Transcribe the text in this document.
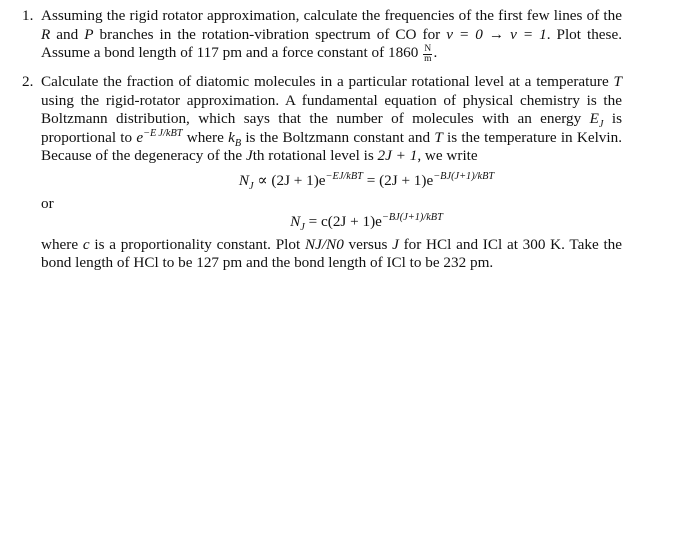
1. Assuming the rigid rotator approximation, calculate the frequencies of the first few lines of the R and P branches in the rotation-vibration spectrum of CO for v = 0 → v = 1. Plot these. Assume a bond length of 117 pm and a force constant of $1860 \frac{N}{m}$ .
2. Calculate the fraction of diatomic molecules in a particular rotational level at a temperature T using the rigid-rotator approximation. A fundamental equation of physical chemistry is the Boltzmann distribution, which says that the number of molecules with an energy $E_J$ is proportional to $e^{-E J/kBT}$ where $k_B$ is the Boltzmann constant and T is the temperature in Kelvin. Because of the degeneracy of the Jth rotational level is 2J + 1, we write
$N_J \propto (2J + 1)e^{-EJ/kBT} = (2J + 1)e^{-BJ(J+1)/kBT}$
or
$N_J = c(2J + 1)e^{-BJ(J+1)/kBT}$
where c is a proportionality constant. Plot NJ/N0 versus J for HCl and ICl at 300 K. Take the bond length of HCl to be 127 pm and the bond length of ICl to be 232 pm.
